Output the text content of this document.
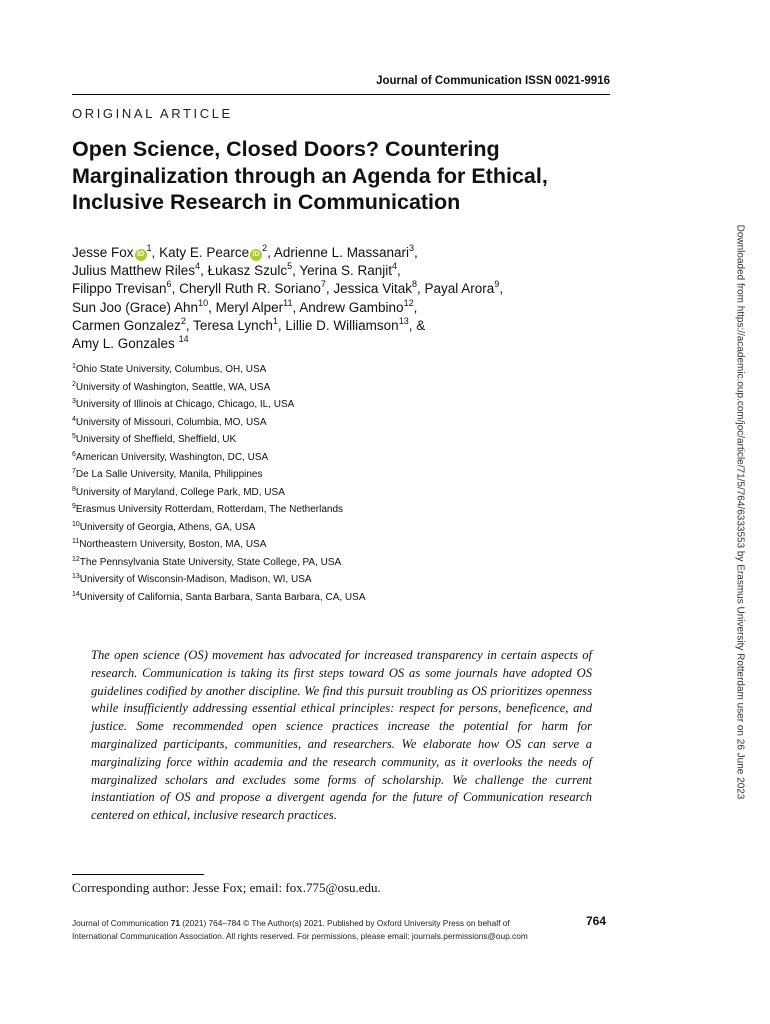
Journal of Communication ISSN 0021-9916
ORIGINAL ARTICLE
Open Science, Closed Doors? Countering Marginalization through an Agenda for Ethical, Inclusive Research in Communication
Jesse Fox $iD^1$, Katy E. Pearce $iD^2$, Adrienne L. Massanari$^3$,
Julius Matthew Riles$^4$, Łukasz Szulc$^5$, Yerina S. Ranjit$^4$,
Filippo Trevisan$^6$, Cheryll Ruth R. Soriano$^7$, Jessica Vitak$^8$, Payal Arora$^9$,
Sun Joo (Grace) Ahn$^{10}$, Meryl Alper$^{11}$, Andrew Gambino$^{12}$,
Carmen Gonzalez$^2$, Teresa Lynch$^1$, Lillie D. Williamson$^{13}$, &
Amy L. Gonzales $^{14}$
$^1$Ohio State University, Columbus, OH, USA
$^2$University of Washington, Seattle, WA, USA
$^3$University of Illinois at Chicago, Chicago, IL, USA
$^4$University of Missouri, Columbia, MO, USA
$^5$University of Sheffield, Sheffield, UK
$^6$American University, Washington, DC, USA
$^7$De La Salle University, Manila, Philippines
$^8$University of Maryland, College Park, MD, USA
$^9$Erasmus University Rotterdam, Rotterdam, The Netherlands
$^{10}$University of Georgia, Athens, GA, USA
$^{11}$Northeastern University, Boston, MA, USA
$^{12}$The Pennsylvania State University, State College, PA, USA
$^{13}$University of Wisconsin-Madison, Madison, WI, USA
$^{14}$University of California, Santa Barbara, Santa Barbara, CA, USA

The open science (OS) movement has advocated for increased transparency in certain aspects of research. Communication is taking its first steps toward OS as some journals have adopted OS guidelines codified by another discipline. We find this pursuit troubling as OS prioritizes openness while insufficiently addressing essential ethical principles: respect for persons, beneficence, and justice. Some recommended open science practices increase the potential for harm for marginalized participants, communities, and researchers. We elaborate how OS can serve a marginalizing force within academia and the research community, as it overlooks the needs of marginalized scholars and excludes some forms of scholarship. We challenge the current instantiation of OS and propose a divergent agenda for the future of Communication research centered on ethical, inclusive research practices.

Corresponding author: Jesse Fox; email: fox.775@osu.edu.
Journal of Communication 71 (2021) 764–784 © The Author(s) 2021. Published by Oxford University Press on behalf of
International Communication Association. All rights reserved. For permissions, please email: journals.permissions@oup.com
764
Downloaded from https://academic.oup.com/joc/article/71/5/764/6333553 by Erasmus University Rotterdam user on 26 June 2023
